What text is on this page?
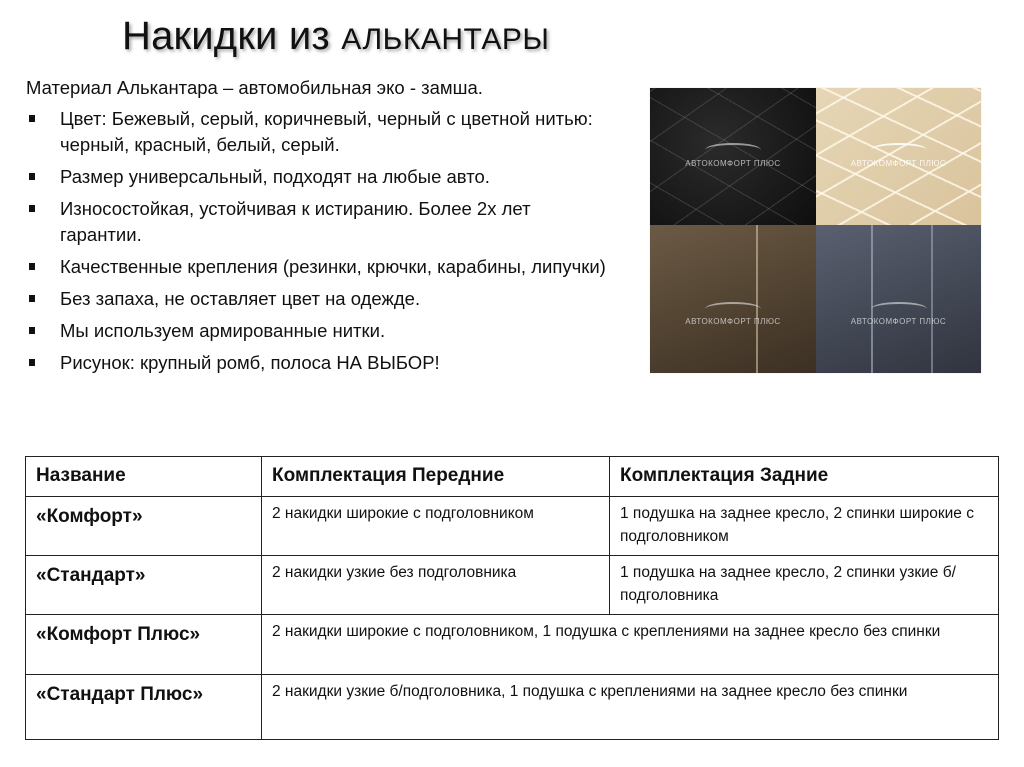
Накидки из АЛЬКАНТАРЫ
Материал Алькантара – автомобильная эко - замша.
Цвет: Бежевый, серый, коричневый, черный с цветной нитью: черный, красный, белый, серый.
Размер универсальный, подходят на любые авто.
Износостойкая, устойчивая к истиранию. Более 2х лет гарантии.
Качественные крепления (резинки, крючки, карабины, липучки)
Без запаха, не оставляет цвет на одежде.
Мы используем армированные нитки.
Рисунок: крупный ромб, полоса НА ВЫБОР!
АВТОКОМФОРТ ПЛЮС	АВТОКОМФОРТ ПЛЮС
АВТОКОМФОРТ ПЛЮС	АВТОКОМФОРТ ПЛЮС
Название	Комплектация Передние	Комплектация Задние
«Комфорт»	2 накидки широкие с подголовником	1 подушка на заднее кресло, 2 спинки широкие с подголовником
«Стандарт»	2 накидки узкие без подголовника	1 подушка на заднее кресло, 2 спинки узкие б/подголовника
«Комфорт Плюс»	2 накидки широкие с подголовником, 1 подушка с креплениями на заднее кресло без спинки	
«Стандарт Плюс»	2 накидки узкие б/подголовника, 1 подушка с креплениями на заднее кресло без спинки	
